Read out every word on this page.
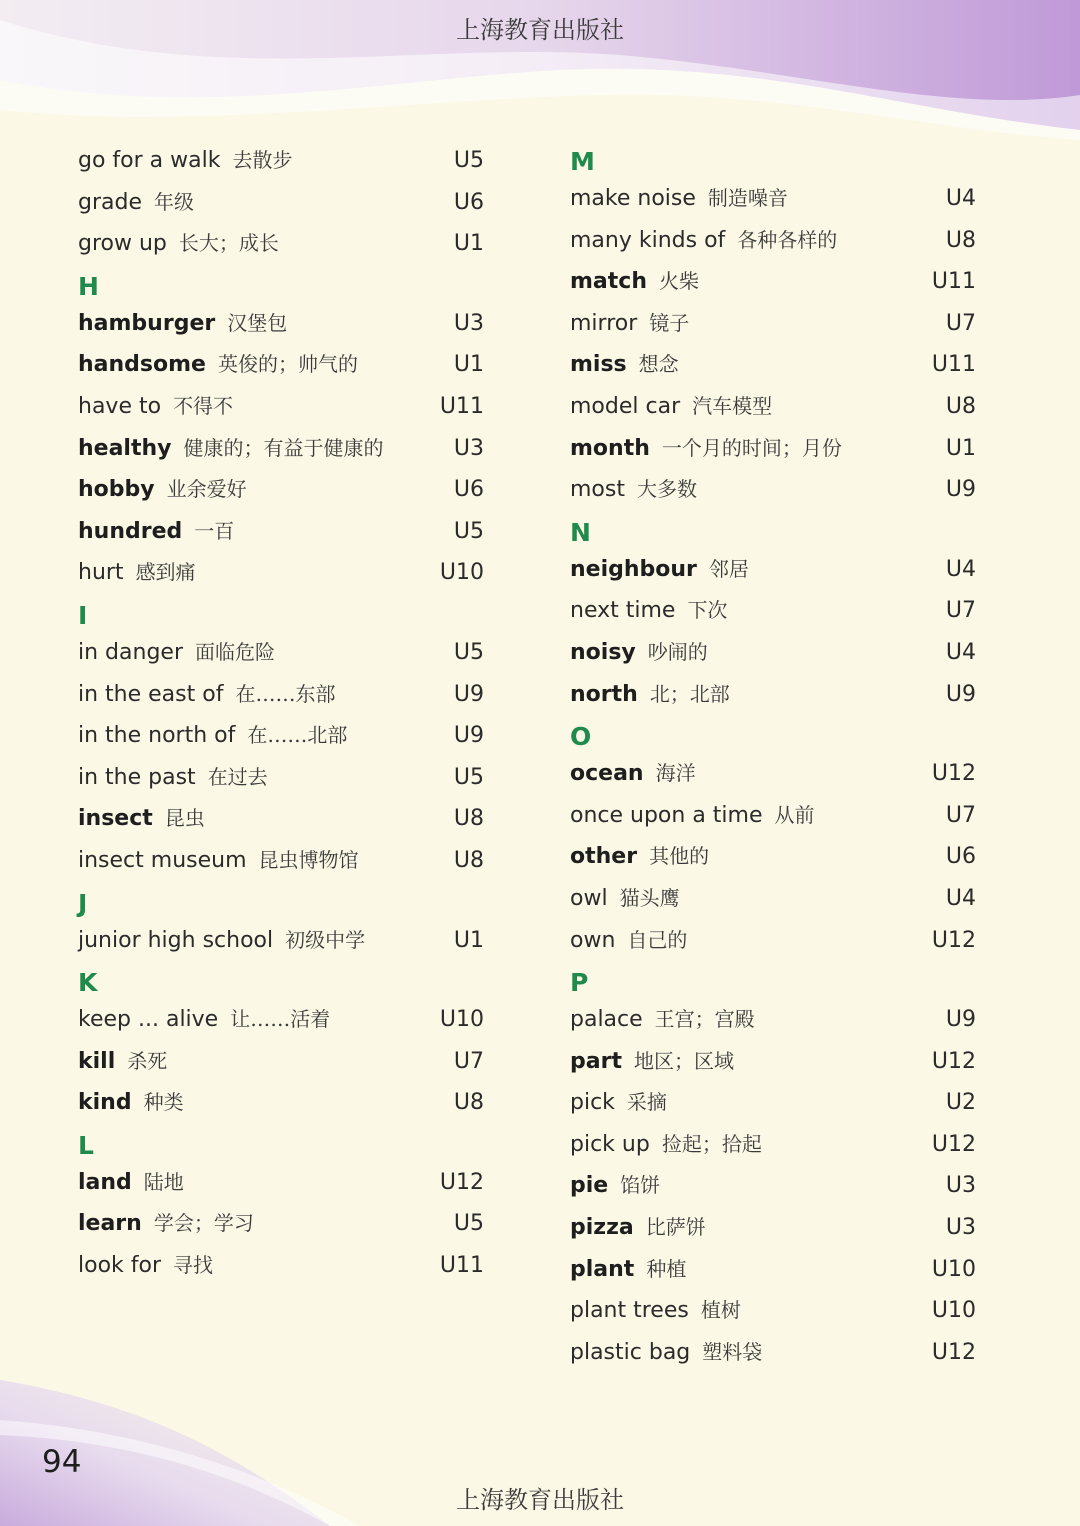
上海教育出版社
go for a walk 去散步	U5
grade 年级	U6
grow up 长大；成长	U1
H
hamburger 汉堡包	U3
handsome 英俊的；帅气的	U1
have to 不得不	U11
healthy 健康的；有益于健康的	U3
hobby 业余爱好	U6
hundred 一百	U5
hurt 感到痛	U10
I
in danger 面临危险	U5
in the east of 在……东部	U9
in the north of 在……北部	U9
in the past 在过去	U5
insect 昆虫	U8
insect museum 昆虫博物馆	U8
J
junior high school 初级中学	U1
K
keep ... alive 让……活着	U10
kill 杀死	U7
kind 种类	U8
L
land 陆地	U12
learn 学会；学习	U5
look for 寻找	U11
M
make noise 制造噪音	U4
many kinds of 各种各样的	U8
match 火柴	U11
mirror 镜子	U7
miss 想念	U11
model car 汽车模型	U8
month 一个月的时间；月份	U1
most 大多数	U9
N
neighbour 邻居	U4
next time 下次	U7
noisy 吵闹的	U4
north 北；北部	U9
O
ocean 海洋	U12
once upon a time 从前	U7
other 其他的	U6
owl 猫头鹰	U4
own 自己的	U12
P
palace 王宫；宫殿	U9
part 地区；区域	U12
pick 采摘	U2
pick up 捡起；拾起	U12
pie 馅饼	U3
pizza 比萨饼	U3
plant 种植	U10
plant trees 植树	U10
plastic bag 塑料袋	U12
94
上海教育出版社
